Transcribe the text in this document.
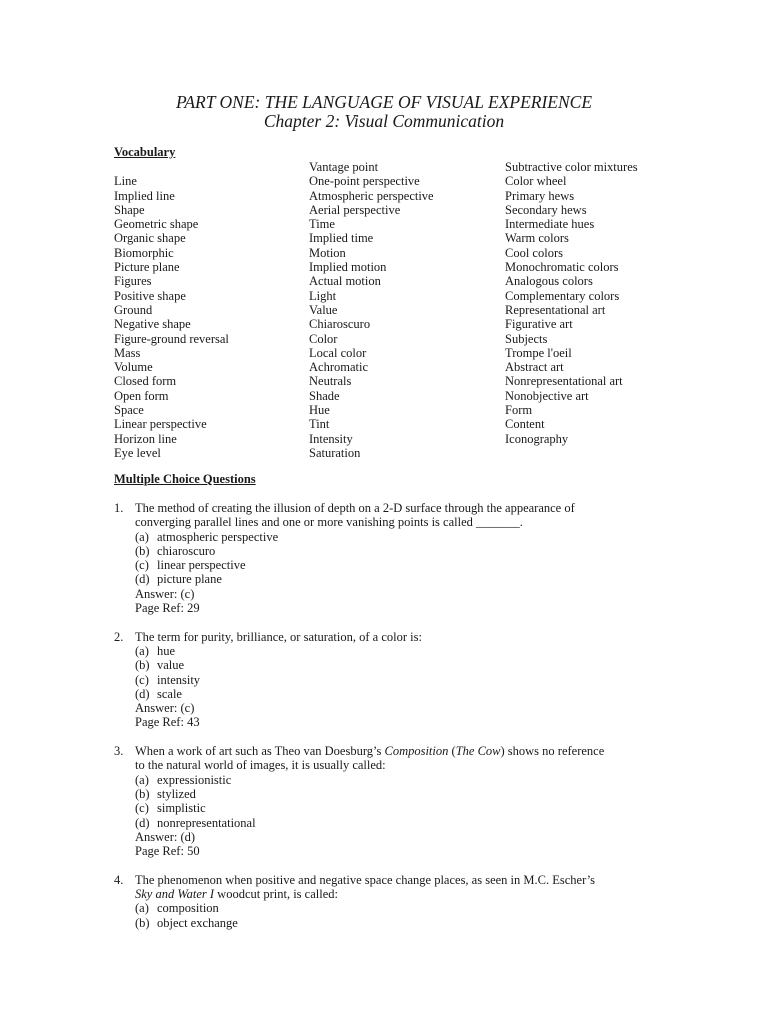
PART ONE: THE LANGUAGE OF VISUAL EXPERIENCE
Chapter 2: Visual Communication
Vocabulary
Line
Implied line
Shape
Geometric shape
Organic shape
Biomorphic
Picture plane
Figures
Positive shape
Ground
Negative shape
Figure-ground reversal
Mass
Volume
Closed form
Open form
Space
Linear perspective
Horizon line
Eye level
Vantage point
One-point perspective
Atmospheric perspective
Aerial perspective
Time
Implied time
Motion
Implied motion
Actual motion
Light
Value
Chiaroscuro
Color
Local color
Achromatic
Neutrals
Shade
Hue
Tint
Intensity
Saturation
Subtractive color mixtures
Color wheel
Primary hews
Secondary hews
Intermediate hues
Warm colors
Cool colors
Monochromatic colors
Analogous colors
Complementary colors
Representational art
Figurative art
Subjects
Trompe l'oeil
Abstract art
Nonrepresentational art
Nonobjective art
Form
Content
Iconography
Multiple Choice Questions
1. The method of creating the illusion of depth on a 2-D surface through the appearance of
converging parallel lines and one or more vanishing points is called _______.
(a) atmospheric perspective
(b) chiaroscuro
(c) linear perspective
(d) picture plane
Answer: (c)
Page Ref: 29
2. The term for purity, brilliance, or saturation, of a color is:
(a) hue
(b) value
(c) intensity
(d) scale
Answer: (c)
Page Ref: 43
3. When a work of art such as Theo van Doesburg’s Composition (The Cow) shows no reference
to the natural world of images, it is usually called:
(a) expressionistic
(b) stylized
(c) simplistic
(d) nonrepresentational
Answer: (d)
Page Ref: 50
4. The phenomenon when positive and negative space change places, as seen in M.C. Escher’s
Sky and Water I woodcut print, is called:
(a) composition
(b) object exchange
